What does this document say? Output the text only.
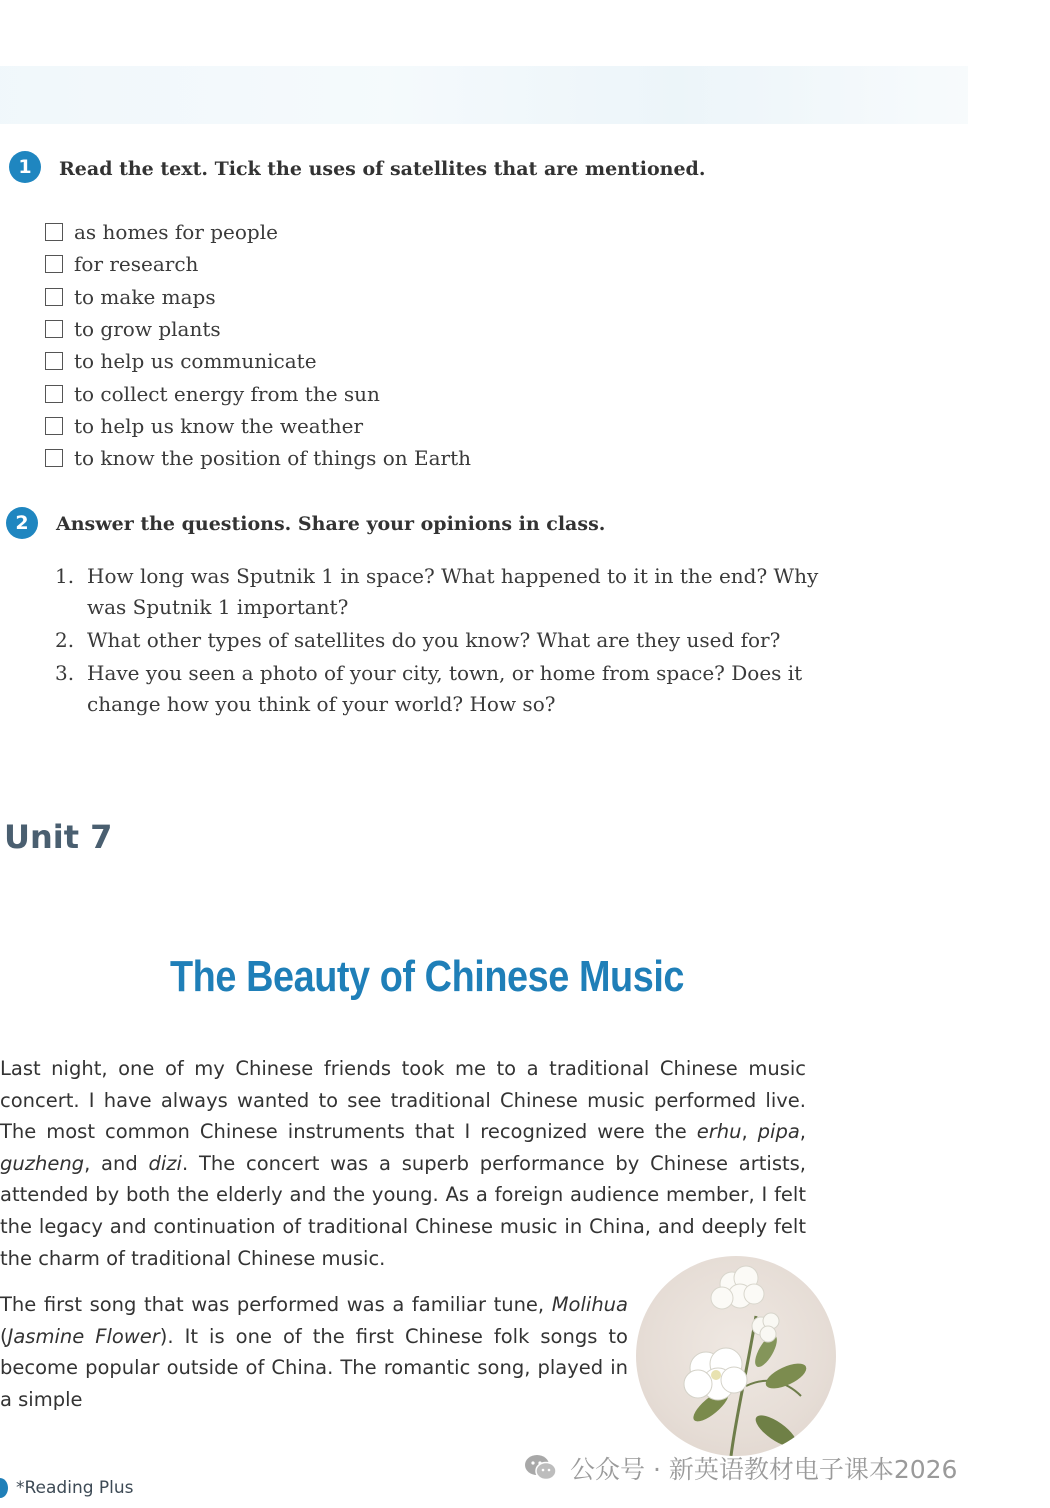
1	Read the text. Tick the uses of satellites that are mentioned.
as homes for people
for research
to make maps
to grow plants
to help us communicate
to collect energy from the sun
to help us know the weather
to know the position of things on Earth
2	Answer the questions. Share your opinions in class.
1. How long was Sputnik 1 in space? What happened to it in the end? Why was Sputnik 1 important?
2. What other types of satellites do you know? What are they used for?
3. Have you seen a photo of your city, town, or home from space? Does it change how you think of your world? How so?
Unit 7
The Beauty of Chinese Music

Last night, one of my Chinese friends took me to a traditional Chinese music concert. I have always wanted to see traditional Chinese music performed live. The most common Chinese instruments that I recognized were the erhu, pipa, guzheng, and dizi. The concert was a superb performance by Chinese artists, attended by both the elderly and the young. As a foreign audience member, I felt the legacy and continuation of traditional Chinese music in China, and deeply felt the charm of traditional Chinese music.

The first song that was performed was a familiar tune, Molihua (Jasmine Flower). It is one of the first Chinese folk songs to become popular outside of China. The romantic song, played in a simple

*Reading Plus
公众号 · 新英语教材电子课本2026
